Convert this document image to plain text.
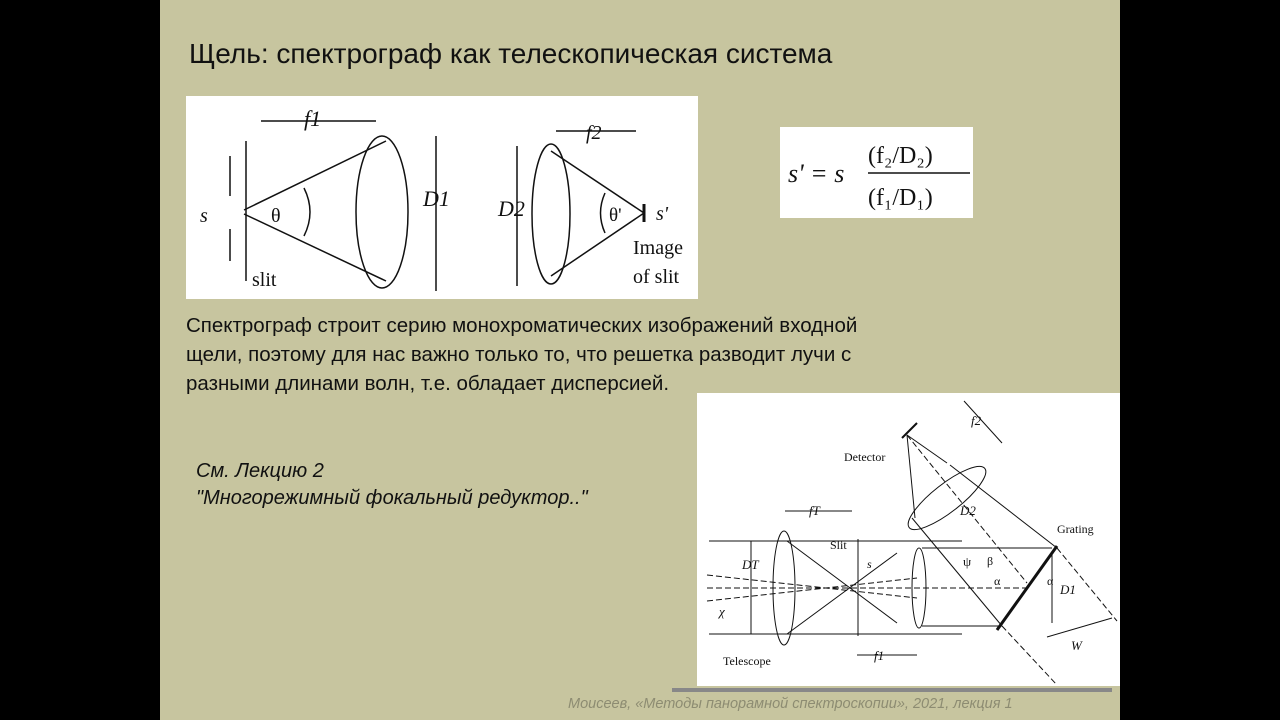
Щель: спектрограф как телескопическая система
f1
f2
s	θ	θ'
D1 D2	s'
slit
Image
of slit
s' = s
(f₂/D₂)
(f₁/D₁)
Спектрограф строит серию монохроматических изображений входной
щели, поэтому для нас важно только то, что решетка разводит лучи с
разными длинами волн, т.е. обладает дисперсией.
См. Лекцию 2
"Многорежимный фокальный редуктор.."
f2
Detector
D2
fT
Grating
Slit
s
DT	ψ β
α	α
D1
χ
Telescope	f1
W
Моисеев, «Методы панорамной спектроскопии», 2021, лекция 1
